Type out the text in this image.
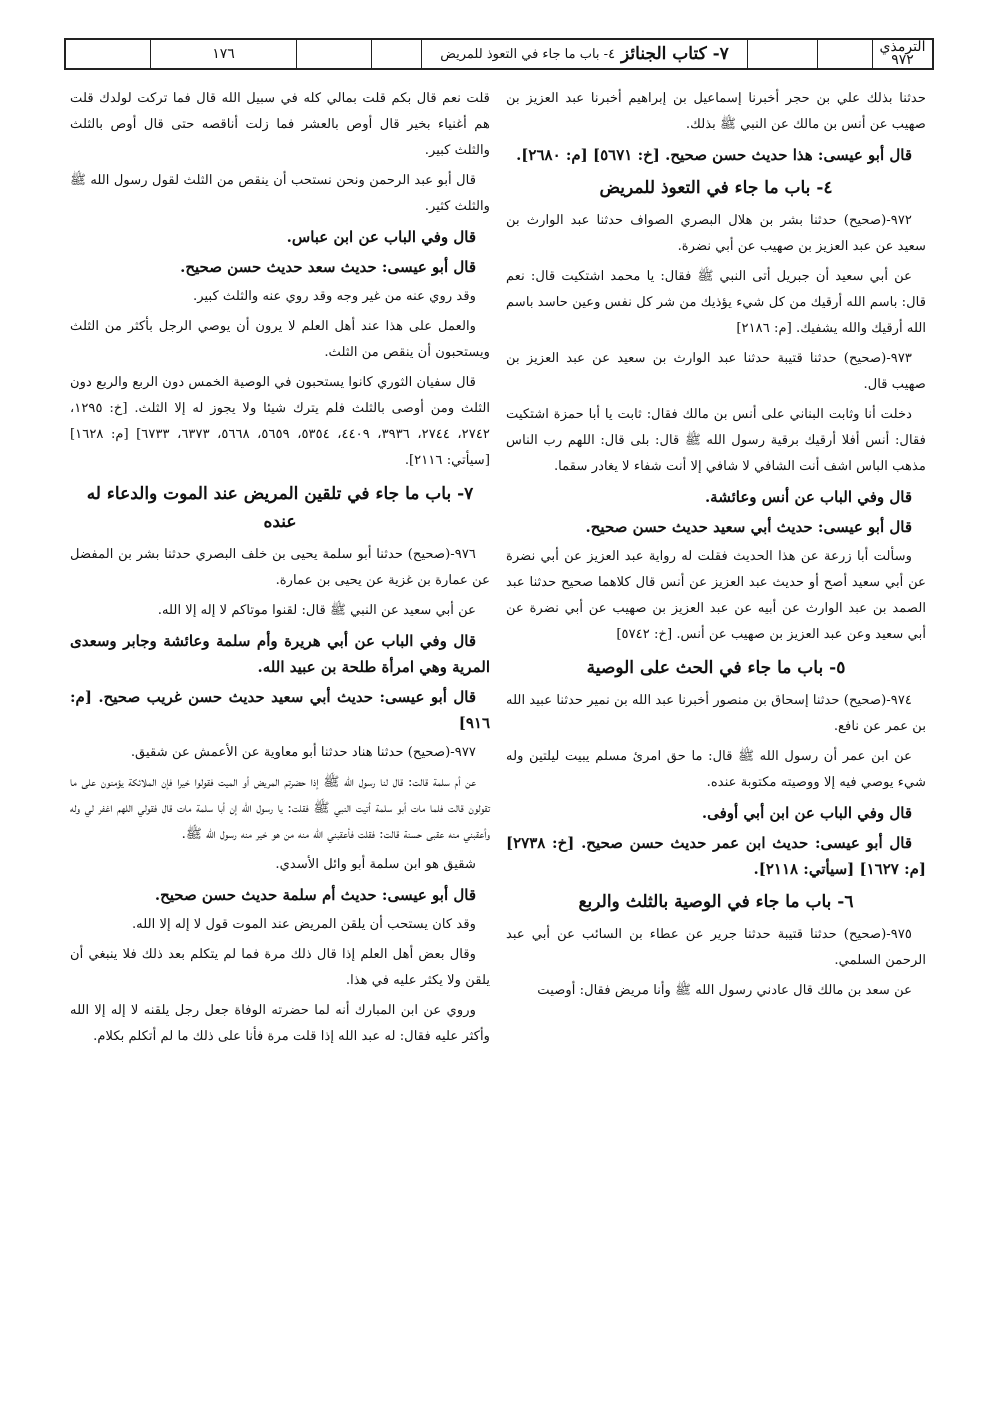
الترمذي
٩٧٢
٧- كتاب الجنائز
٤- باب ما جاء في التعوذ للمريض
١٧٦

حدثنا بذلك علي بن حجر أخبرنا إسماعيل بن إبراهيم أخبرنا عبد العزيز بن صهيب عن أنس بن مالك عن النبي ﷺ بذلك.

قال أبو عيسى: هذا حديث حسن صحيح. [خ: ٥٦٧١] [م: ٢٦٨٠].

٤- باب ما جاء في التعوذ للمريض

٩٧٢-(صحيح) حدثنا بشر بن هلال البصري الصواف حدثنا عبد الوارث بن سعيد عن عبد العزيز بن صهيب عن أبي نضرة.

عن أبي سعيد أن جبريل أتى النبي ﷺ فقال: يا محمد اشتكيت قال: نعم قال: باسم الله أرقيك من كل شيء يؤذيك من شر كل نفس وعين حاسد باسم الله أرقيك والله يشفيك. [م: ٢١٨٦]

٩٧٣-(صحيح) حدثنا قتيبة حدثنا عبد الوارث بن سعيد عن عبد العزيز بن صهيب قال.

دخلت أنا وثابت البناني على أنس بن مالك فقال: ثابت يا أبا حمزة اشتكيت فقال: أنس أفلا أرقيك برقية رسول الله ﷺ قال: بلى قال: اللهم رب الناس مذهب الباس اشف أنت الشافي لا شافي إلا أنت شفاء لا يغادر سقما.

قال وفي الباب عن أنس وعائشة.

قال أبو عيسى: حديث أبي سعيد حديث حسن صحيح.

وسألت أبا زرعة عن هذا الحديث فقلت له رواية عبد العزيز عن أبي نضرة عن أبي سعيد أصح أو حديث عبد العزيز عن أنس قال كلاهما صحيح حدثنا عبد الصمد بن عبد الوارث عن أبيه عن عبد العزيز بن صهيب عن أبي نضرة عن أبي سعيد وعن عبد العزيز بن صهيب عن أنس. [خ: ٥٧٤٢]

٥- باب ما جاء في الحث على الوصية

٩٧٤-(صحيح) حدثنا إسحاق بن منصور أخبرنا عبد الله بن نمير حدثنا عبيد الله بن عمر عن نافع.

عن ابن عمر أن رسول الله ﷺ قال: ما حق امرئ مسلم يبيت ليلتين وله شيء يوصي فيه إلا ووصيته مكتوبة عنده.

قال وفي الباب عن ابن أبي أوفى.

قال أبو عيسى: حديث ابن عمر حديث حسن صحيح. [خ: ٢٧٣٨] [م: ١٦٢٧] [سيأتي: ٢١١٨].

٦- باب ما جاء في الوصية بالثلث والربع

٩٧٥-(صحيح) حدثنا قتيبة حدثنا جرير عن عطاء بن السائب عن أبي عبد الرحمن السلمي.

عن سعد بن مالك قال عادني رسول الله ﷺ وأنا مريض فقال: أوصيت

قلت نعم قال بكم قلت بمالي كله في سبيل الله قال فما تركت لولدك قلت هم أغنياء بخير قال أوص بالعشر فما زلت أناقصه حتى قال أوص بالثلث والثلث كبير.

قال أبو عبد الرحمن ونحن نستحب أن ينقص من الثلث لقول رسول الله ﷺ والثلث كثير.

قال وفي الباب عن ابن عباس.

قال أبو عيسى: حديث سعد حديث حسن صحيح.

وقد روي عنه من غير وجه وقد روي عنه والثلث كبير.

والعمل على هذا عند أهل العلم لا يرون أن يوصي الرجل بأكثر من الثلث ويستحبون أن ينقص من الثلث.

قال سفيان الثوري كانوا يستحبون في الوصية الخمس دون الربع والربع دون الثلث ومن أوصى بالثلث فلم يترك شيئا ولا يجوز له إلا الثلث. [خ: ١٢٩٥، ٢٧٤٢، ٢٧٤٤، ٣٩٣٦، ٤٤٠٩، ٥٣٥٤، ٥٦٥٩، ٥٦٦٨، ٦٣٧٣، ٦٧٣٣] [م: ١٦٢٨] [سيأتي: ٢١١٦].

٧- باب ما جاء في تلقين المريض عند الموت والدعاء له عنده

٩٧٦-(صحيح) حدثنا أبو سلمة يحيى بن خلف البصري حدثنا بشر بن المفضل عن عمارة بن غزية عن يحيى بن عمارة.

عن أبي سعيد عن النبي ﷺ قال: لقنوا موتاكم لا إله إلا الله.

قال وفي الباب عن أبي هريرة وأم سلمة وعائشة وجابر وسعدى المرية وهي امرأة طلحة بن عبيد الله.

قال أبو عيسى: حديث أبي سعيد حديث حسن غريب صحيح. [م: ٩١٦]

٩٧٧-(صحيح) حدثنا هناد حدثنا أبو معاوية عن الأعمش عن شقيق.

عن أم سلمة قالت: قال لنا رسول الله ﷺ إذا حضرتم المريض أو الميت فقولوا خيرا فإن الملائكة يؤمنون على ما تقولون قالت فلما مات أبو سلمة أتيت النبي ﷺ فقلت: يا رسول الله إن أبا سلمة مات قال فقولي اللهم اغفر لي وله وأعقبني منه عقبى حسنة قالت: فقلت فأعقبني الله منه من هو خير منه رسول الله ﷺ.

شقيق هو ابن سلمة أبو وائل الأسدي.

قال أبو عيسى: حديث أم سلمة حديث حسن صحيح.

وقد كان يستحب أن يلقن المريض عند الموت قول لا إله إلا الله.

وقال بعض أهل العلم إذا قال ذلك مرة فما لم يتكلم بعد ذلك فلا ينبغي أن يلقن ولا يكثر عليه في هذا.

وروي عن ابن المبارك أنه لما حضرته الوفاة جعل رجل يلقنه لا إله إلا الله وأكثر عليه فقال: له عبد الله إذا قلت مرة فأنا على ذلك ما لم أتكلم بكلام.
